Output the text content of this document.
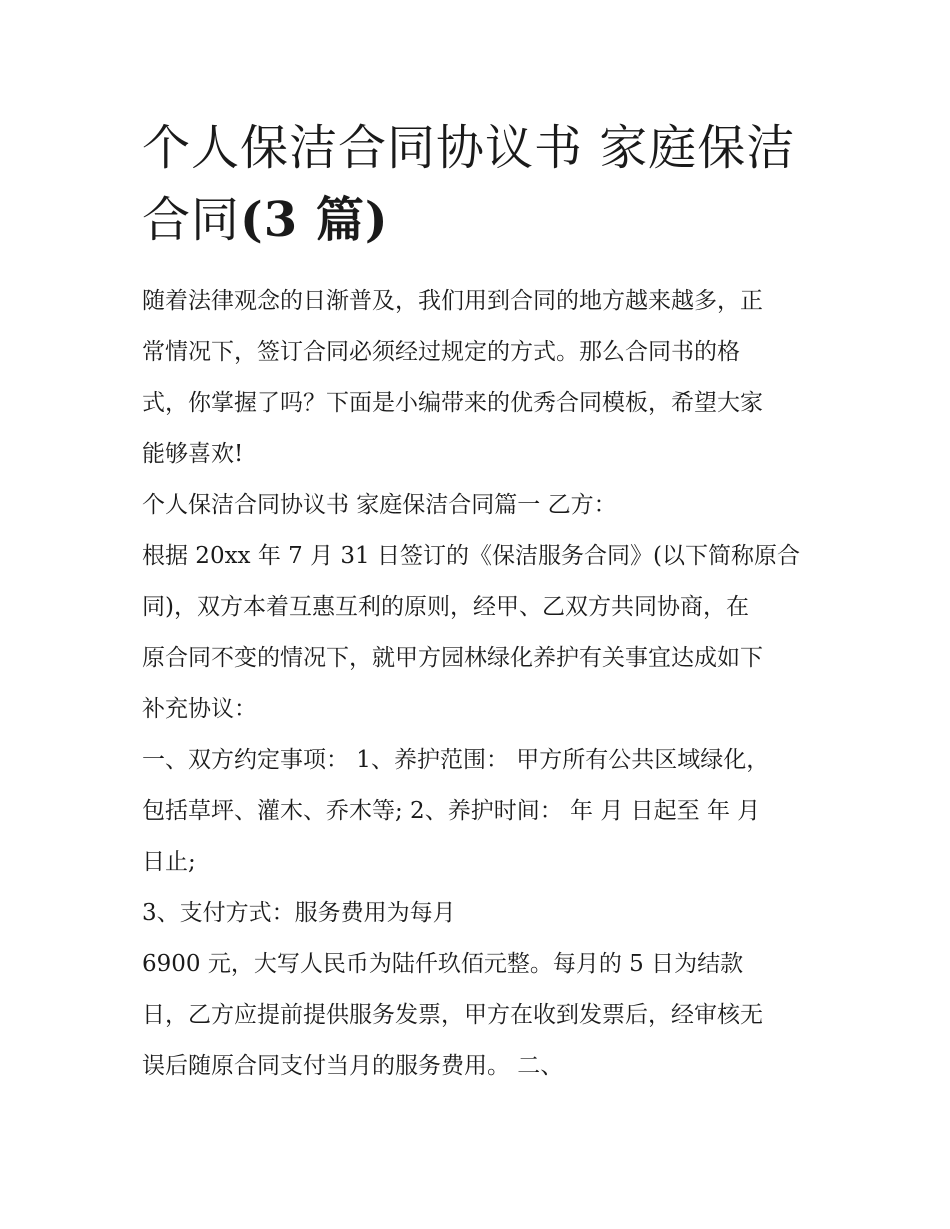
个人保洁合同协议书 家庭保洁
合同(3 篇)
随着法律观念的日渐普及，我们用到合同的地方越来越多，正
常情况下，签订合同必须经过规定的方式。那么合同书的格
式，你掌握了吗？下面是小编带来的优秀合同模板，希望大家
能够喜欢!
个人保洁合同协议书 家庭保洁合同篇一 乙方：
根据 20xx 年 7 月 31 日签订的《保洁服务合同》(以下简称原合
同)，双方本着互惠互利的原则，经甲、乙双方共同协商，在
原合同不变的情况下，就甲方园林绿化养护有关事宜达成如下
补充协议：
一、双方约定事项： 1、养护范围： 甲方所有公共区域绿化，
包括草坪、灌木、乔木等; 2、养护时间： 年 月 日起至 年 月
日止;
3、支付方式：服务费用为每月
6900 元，大写人民币为陆仟玖佰元整。每月的 5 日为结款
日，乙方应提前提供服务发票，甲方在收到发票后，经审核无
误后随原合同支付当月的服务费用。 二、
